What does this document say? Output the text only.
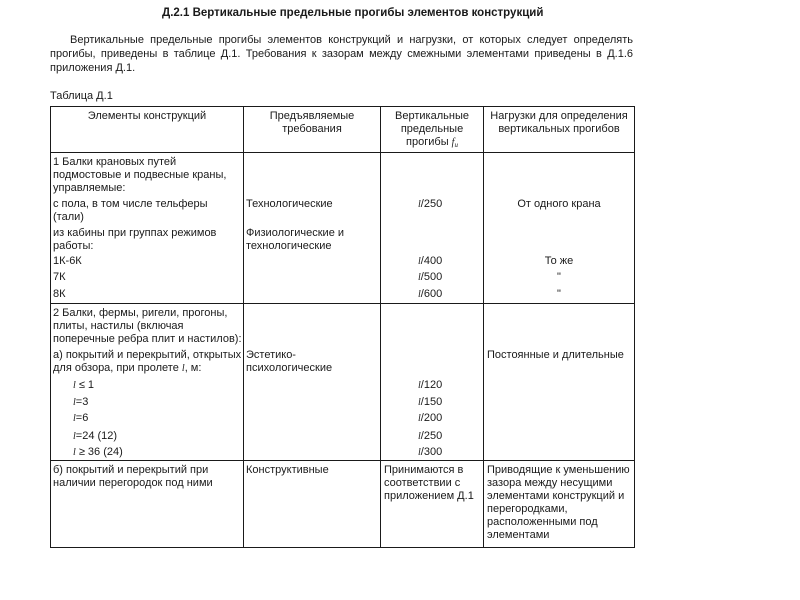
Д.2.1 Вертикальные предельные прогибы элементов конструкций
Вертикальные предельные прогибы элементов конструкций и нагрузки, от которых следует определять прогибы, приведены в таблице Д.1. Требования к зазорам между смежными элементами приведены в Д.1.6 приложения Д.1.
Таблица Д.1
Элементы конструкций	Предъявляемые
требования
Вертикальные
предельные
прогибы $f_u$
Нагрузки для определения
вертикальных прогибов
1 Балки крановых путей
подмостовые и подвесные краны,
управляемые:
с пола, в том числе тельферы
(тали)
из кабины при группах режимов
работы:
1К-6К
7К
8К
Технологические
Физиологические и
технологические
l/250
l/400
l/500
l/600
От одного крана
То же
"
"
2 Балки, фермы, ригели, прогоны,
плиты, настилы (включая
поперечные ребра плит и настилов):
а) покрытий и перекрытий, открытых
для обзора, при пролете l, м:
l ≤ 1
l=3
l=6
l=24 (12)
l ≥ 36 (24)
Эстетико-
психологические
l/120
l/150
l/200
l/250
l/300
Постоянные и длительные
б) покрытий и перекрытий при
наличии перегородок под ними
Конструктивные	Принимаются в
соответствии с
приложением Д.1
Приводящие к уменьшению
зазора между несущими
элементами конструкций и
перегородками,
расположенными под
элементами
